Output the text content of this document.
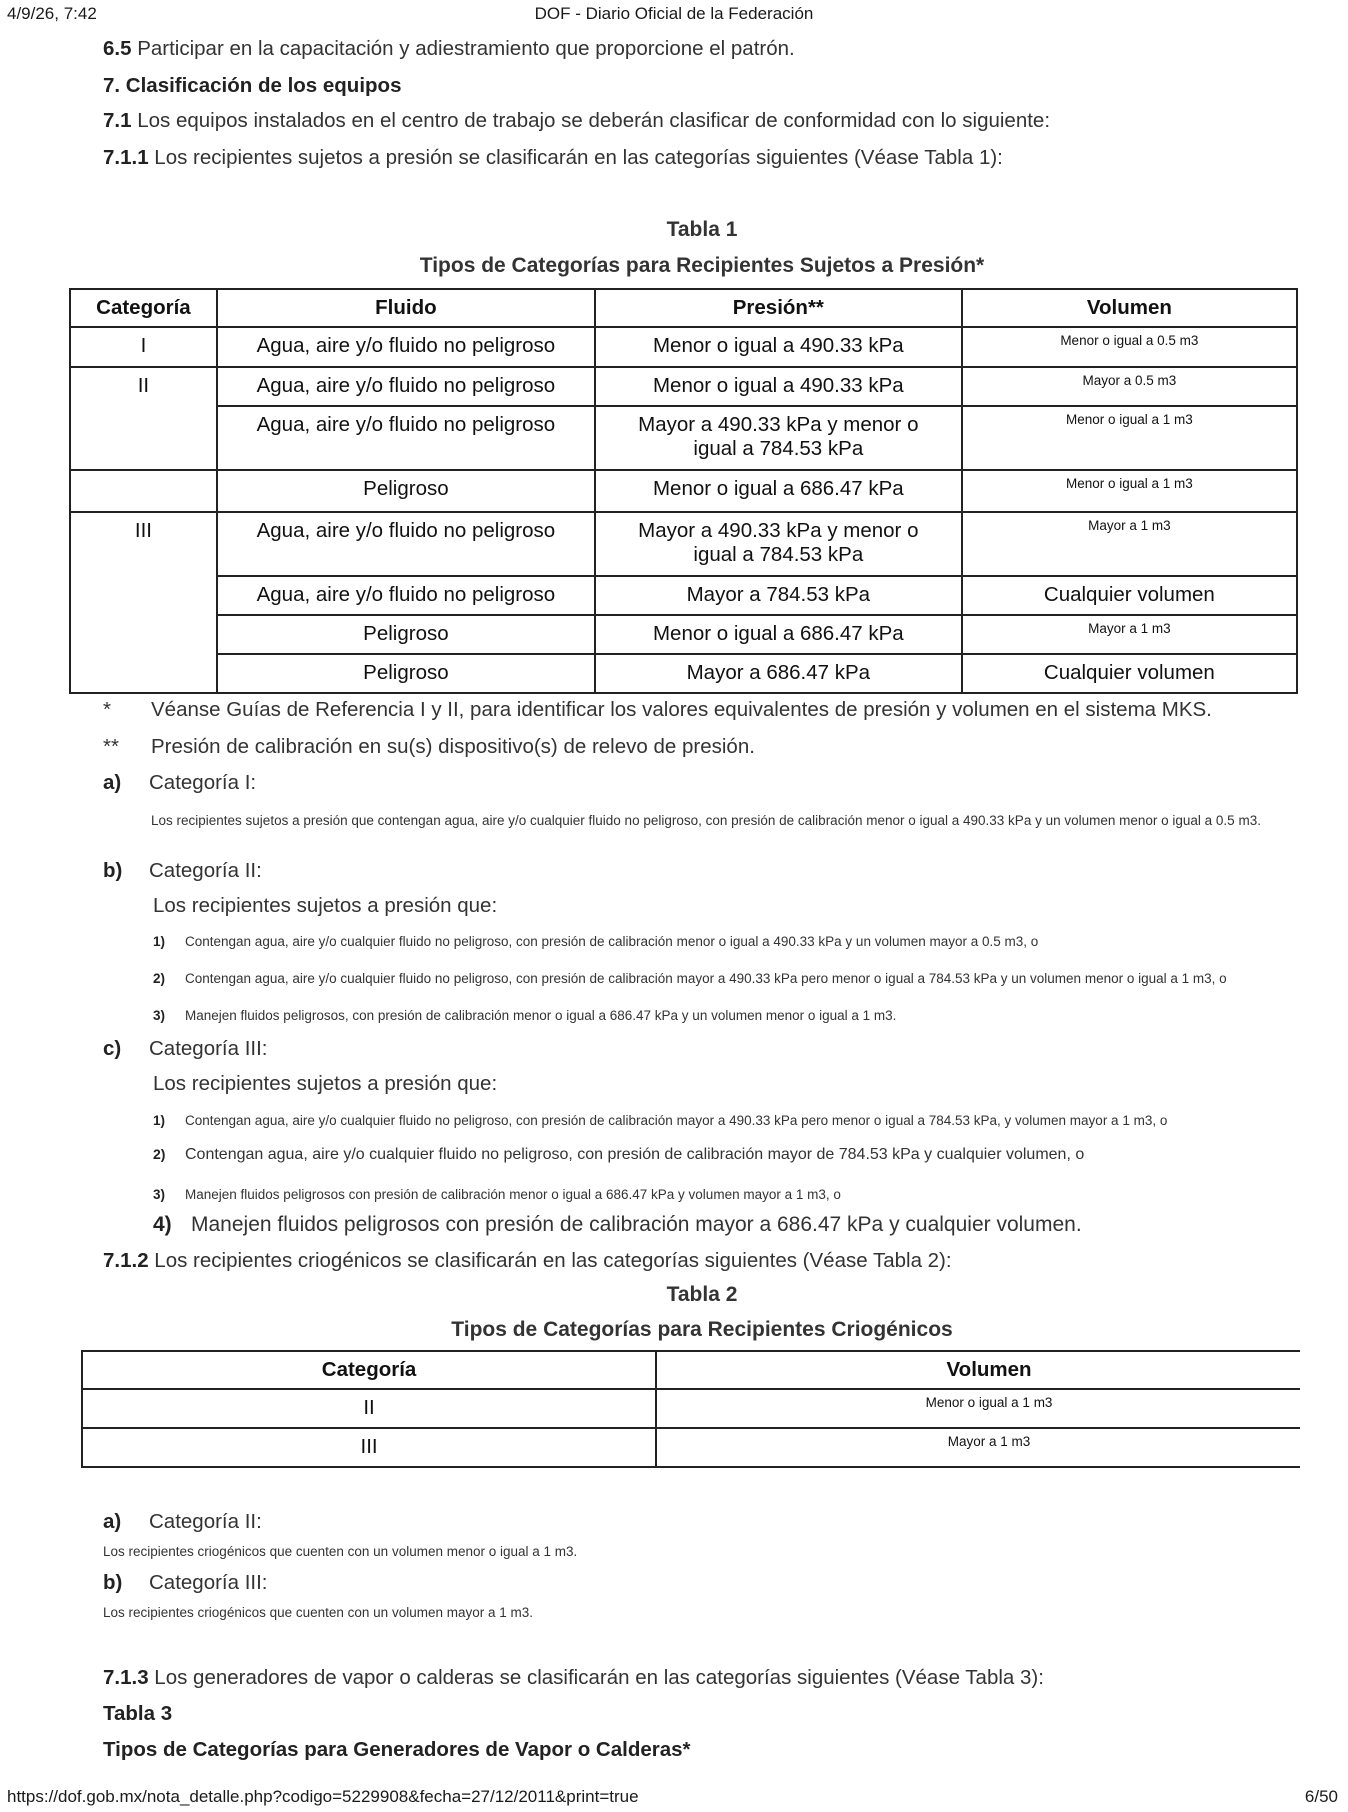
4/9/26, 7:42	DOF - Diario Oficial de la Federación
6.5 Participar en la capacitación y adiestramiento que proporcione el patrón.
7. Clasificación de los equipos
7.1 Los equipos instalados en el centro de trabajo se deberán clasificar de conformidad con lo siguiente:
7.1.1 Los recipientes sujetos a presión se clasificarán en las categorías siguientes (Véase Tabla 1):
Tabla 1
Tipos de Categorías para Recipientes Sujetos a Presión*
Categoría	Fluido	Presión**	Volumen
I	Agua, aire y/o fluido no peligroso	Menor o igual a 490.33 kPa	Menor o igual a 0.5 m3
II	Agua, aire y/o fluido no peligroso	Menor o igual a 490.33 kPa	Mayor a 0.5 m3
	Agua, aire y/o fluido no peligroso	Mayor a 490.33 kPa y menor o igual a 784.53 kPa	Menor o igual a 1 m3
	Peligroso	Menor o igual a 686.47 kPa	Menor o igual a 1 m3
III	Agua, aire y/o fluido no peligroso	Mayor a 490.33 kPa y menor o igual a 784.53 kPa	Mayor a 1 m3
	Agua, aire y/o fluido no peligroso	Mayor a 784.53 kPa	Cualquier volumen
	Peligroso	Menor o igual a 686.47 kPa	Mayor a 1 m3
	Peligroso	Mayor a 686.47 kPa	Cualquier volumen
* Véanse Guías de Referencia I y II, para identificar los valores equivalentes de presión y volumen en el sistema MKS.
** Presión de calibración en su(s) dispositivo(s) de relevo de presión.
a) Categoría I:
Los recipientes sujetos a presión que contengan agua, aire y/o cualquier fluido no peligroso, con presión de calibración menor o igual a 490.33 kPa y un volumen menor o igual a 0.5 m3.
b) Categoría II:
Los recipientes sujetos a presión que:
1) Contengan agua, aire y/o cualquier fluido no peligroso, con presión de calibración menor o igual a 490.33 kPa y un volumen mayor a 0.5 m3, o
2) Contengan agua, aire y/o cualquier fluido no peligroso, con presión de calibración mayor a 490.33 kPa pero menor o igual a 784.53 kPa y un volumen menor o igual a 1 m3, o
3) Manejen fluidos peligrosos, con presión de calibración menor o igual a 686.47 kPa y un volumen menor o igual a 1 m3.
c) Categoría III:
Los recipientes sujetos a presión que:
1) Contengan agua, aire y/o cualquier fluido no peligroso, con presión de calibración mayor a 490.33 kPa pero menor o igual a 784.53 kPa, y volumen mayor a 1 m3, o
2) Contengan agua, aire y/o cualquier fluido no peligroso, con presión de calibración mayor de 784.53 kPa y cualquier volumen, o
3) Manejen fluidos peligrosos con presión de calibración menor o igual a 686.47 kPa y volumen mayor a 1 m3, o
4) Manejen fluidos peligrosos con presión de calibración mayor a 686.47 kPa y cualquier volumen.
7.1.2 Los recipientes criogénicos se clasificarán en las categorías siguientes (Véase Tabla 2):
Tabla 2
Tipos de Categorías para Recipientes Criogénicos
Categoría	Volumen
II	Menor o igual a 1 m3
III	Mayor a 1 m3
a) Categoría II:
Los recipientes criogénicos que cuenten con un volumen menor o igual a 1 m3.
b) Categoría III:
Los recipientes criogénicos que cuenten con un volumen mayor a 1 m3.
7.1.3 Los generadores de vapor o calderas se clasificarán en las categorías siguientes (Véase Tabla 3):
Tabla 3
Tipos de Categorías para Generadores de Vapor o Calderas*
https://dof.gob.mx/nota_detalle.php?codigo=5229908&fecha=27/12/2011&print=true	6/50
